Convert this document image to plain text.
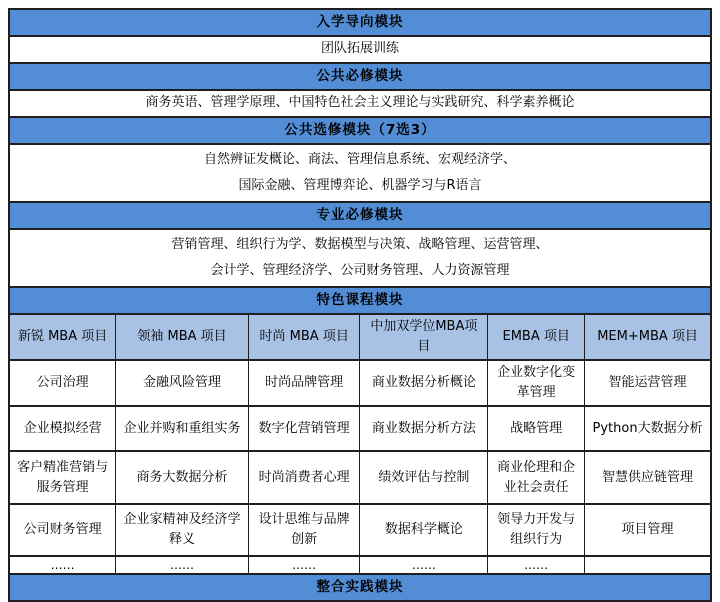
入学导向模块					
团队拓展训练					
公共必修模块					
商务英语、管理学原理、中国特色社会主义理论与实践研究、科学素养概论					
公共选修模块（7选3）					

自然辨证发概论、商法、管理信息系统、宏观经济学、
国际金融、管理博弈论、机器学习与R语言					

专业必修模块					

营销管理、组织行为学、数据模型与决策、战略管理、运营管理、
会计学、管理经济学、公司财务管理、人力资源管理					

特色课程模块					
新锐 MBA 项目	领袖 MBA 项目	时尚 MBA 项目	中加双学位MBA项目	EMBA 项目	MEM+MBA 项目
公司治理	金融风险管理	时尚品牌管理	商业数据分析概论	企业数字化变革管理	智能运营管理
企业模拟经营	企业并购和重组实务	数字化营销管理	商业数据分析方法	战略管理	Python大数据分析
客户精准营销与服务管理	商务大数据分析	时尚消费者心理	绩效评估与控制	商业伦理和企业社会责任	智慧供应链管理
公司财务管理	企业家精神及经济学释义	设计思维与品牌创新	数据科学概论	领导力开发与组织行为	项目管理
……	……	……	……	……	
整合实践模块					
